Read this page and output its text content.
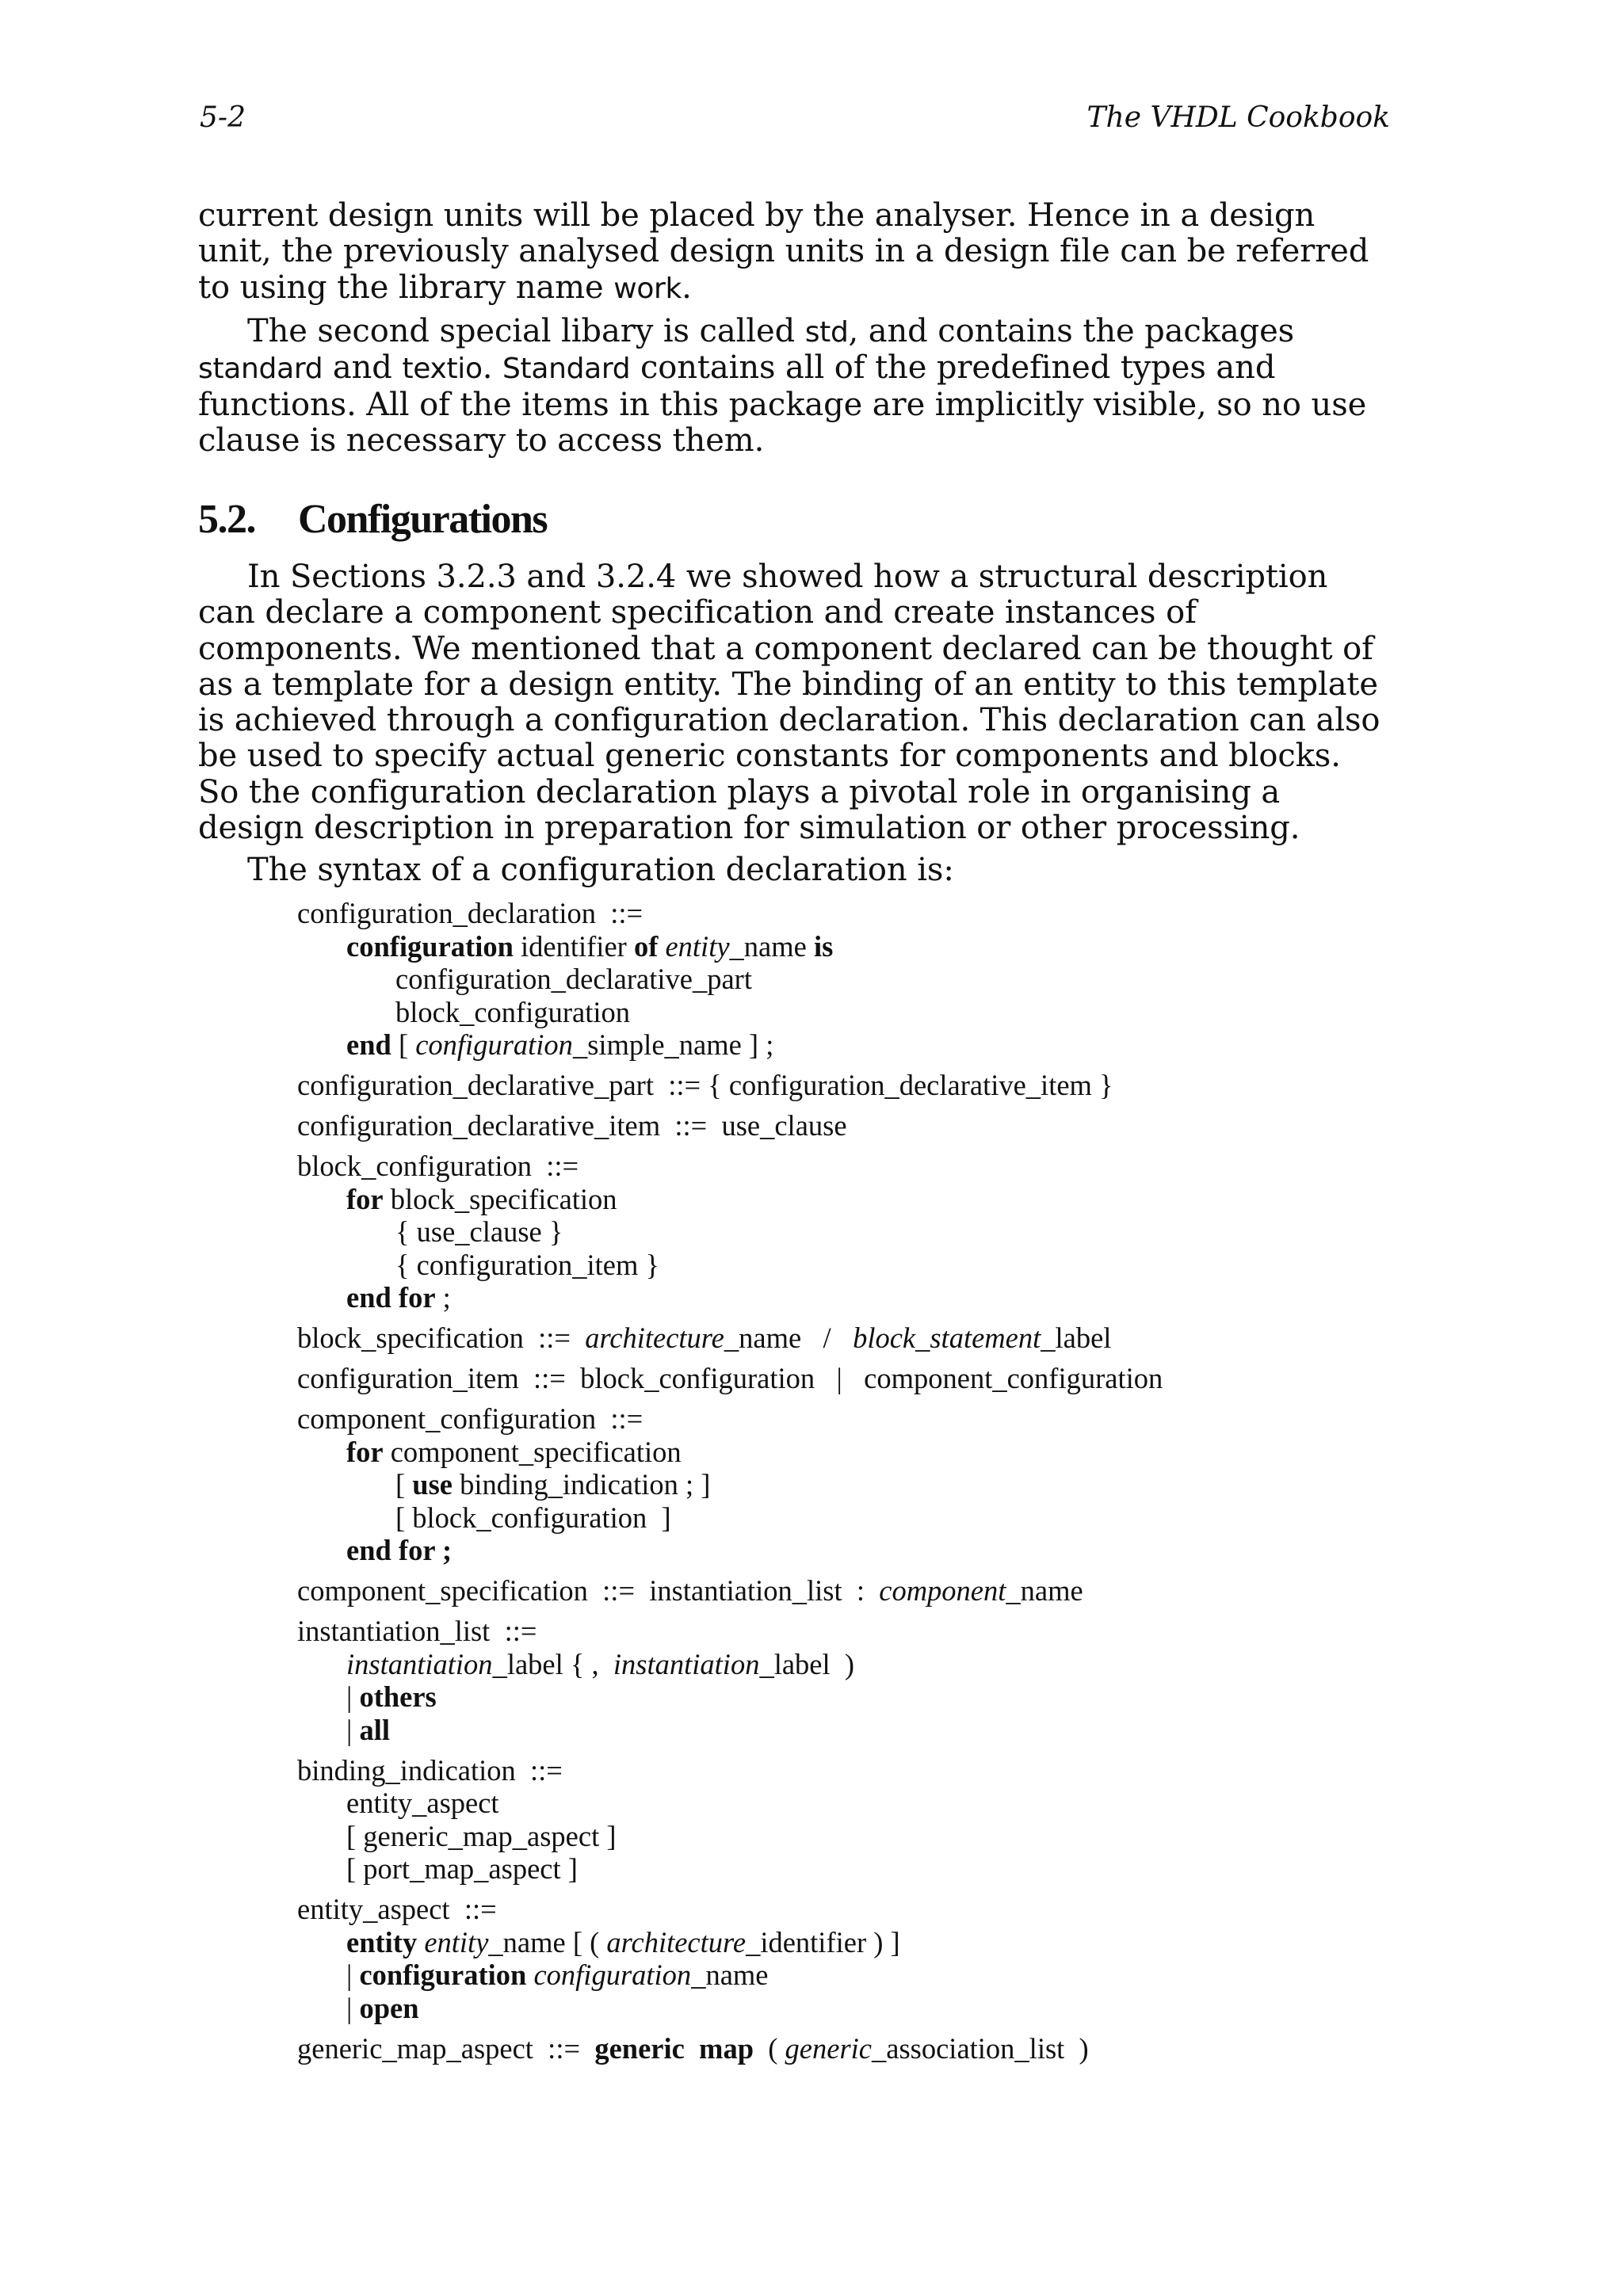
5-2	The VHDL Cookbook

current design units will be placed by the analyser. Hence in a design unit, the previously analysed design units in a design file can be referred to using the library name work.

The second special libary is called std, and contains the packages standard and textio. Standard contains all of the predefined types and functions. All of the items in this package are implicitly visible, so no use clause is necessary to access them.

5.2. Configurations

In Sections 3.2.3 and 3.2.4 we showed how a structural description can declare a component specification and create instances of components. We mentioned that a component declared can be thought of as a template for a design entity. The binding of an entity to this template is achieved through a configuration declaration. This declaration can also be used to specify actual generic constants for components and blocks. So the configuration declaration plays a pivotal role in organising a design description in preparation for simulation or other processing.

The syntax of a configuration declaration is:

configuration_declaration  ::=
configuration identifier of entity_name is
configuration_declarative_part
block_configuration
end [ configuration_simple_name ] ;
configuration_declarative_part  ::= { configuration_declarative_item }
configuration_declarative_item  ::=  use_clause
block_configuration  ::=
for block_specification
{ use_clause }
{ configuration_item }
end for ;
block_specification  ::=  architecture_name   /   block_statement_label
configuration_item  ::=  block_configuration   |   component_configuration
component_configuration  ::=
for component_specification
[ use binding_indication ; ]
[ block_configuration  ]
end for ;
component_specification  ::=  instantiation_list  :  component_name
instantiation_list  ::=
instantiation_label { ,  instantiation_label  )
| others
| all
binding_indication  ::=
entity_aspect
[ generic_map_aspect ]
[ port_map_aspect ]
entity_aspect  ::=
entity entity_name [ ( architecture_identifier ) ]
| configuration configuration_name
| open
generic_map_aspect  ::=  generic  map  ( generic_association_list  )
